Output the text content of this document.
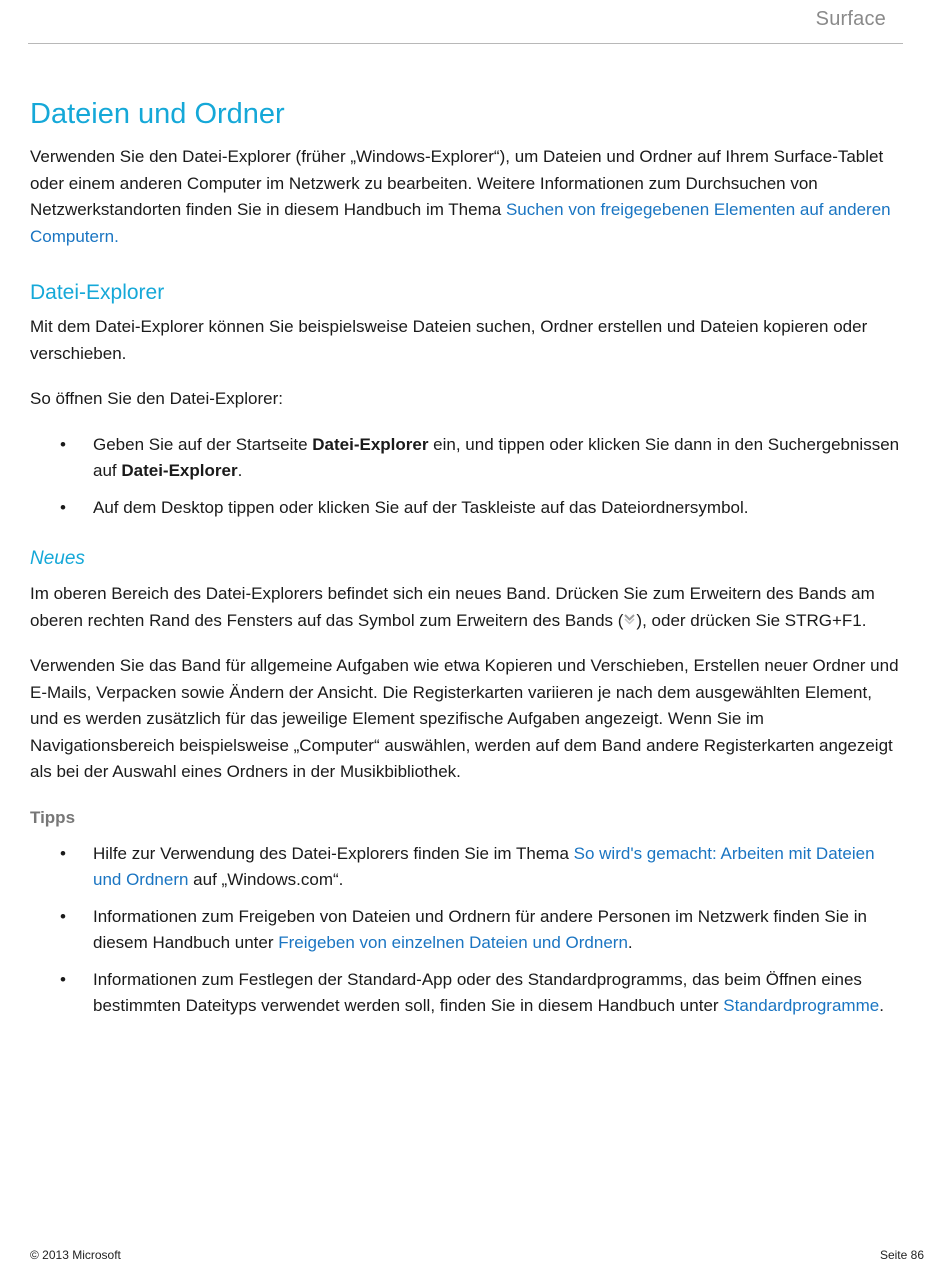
Surface
Dateien und Ordner

Verwenden Sie den Datei-Explorer (früher „Windows-Explorer“), um Dateien und Ordner auf Ihrem Surface-Tablet oder einem anderen Computer im Netzwerk zu bearbeiten. Weitere Informationen zum Durchsuchen von Netzwerkstandorten finden Sie in diesem Handbuch im Thema Suchen von freigegebenen Elementen auf anderen Computern.

Datei-Explorer

Mit dem Datei-Explorer können Sie beispielsweise Dateien suchen, Ordner erstellen und Dateien kopieren oder verschieben.

So öffnen Sie den Datei-Explorer:

• Geben Sie auf der Startseite Datei-Explorer ein, und tippen oder klicken Sie dann in den Suchergebnissen auf Datei-Explorer.
• Auf dem Desktop tippen oder klicken Sie auf der Taskleiste auf das Dateiordnersymbol.
Neues

Im oberen Bereich des Datei-Explorers befindet sich ein neues Band. Drücken Sie zum Erweitern des Bands am oberen rechten Rand des Fensters auf das Symbol zum Erweitern des Bands ( ), oder drücken Sie STRG+F1.

Verwenden Sie das Band für allgemeine Aufgaben wie etwa Kopieren und Verschieben, Erstellen neuer Ordner und E-Mails, Verpacken sowie Ändern der Ansicht. Die Registerkarten variieren je nach dem ausgewählten Element, und es werden zusätzlich für das jeweilige Element spezifische Aufgaben angezeigt. Wenn Sie im Navigationsbereich beispielsweise „Computer“ auswählen, werden auf dem Band andere Registerkarten angezeigt als bei der Auswahl eines Ordners in der Musikbibliothek.

Tipps
• Hilfe zur Verwendung des Datei-Explorers finden Sie im Thema So wird's gemacht: Arbeiten mit Dateien und Ordnern auf „Windows.com“.
• Informationen zum Freigeben von Dateien und Ordnern für andere Personen im Netzwerk finden Sie in diesem Handbuch unter Freigeben von einzelnen Dateien und Ordnern.
• Informationen zum Festlegen der Standard-App oder des Standardprogramms, das beim Öffnen eines bestimmten Dateityps verwendet werden soll, finden Sie in diesem Handbuch unter Standardprogramme.
© 2013 Microsoft	Seite 86
